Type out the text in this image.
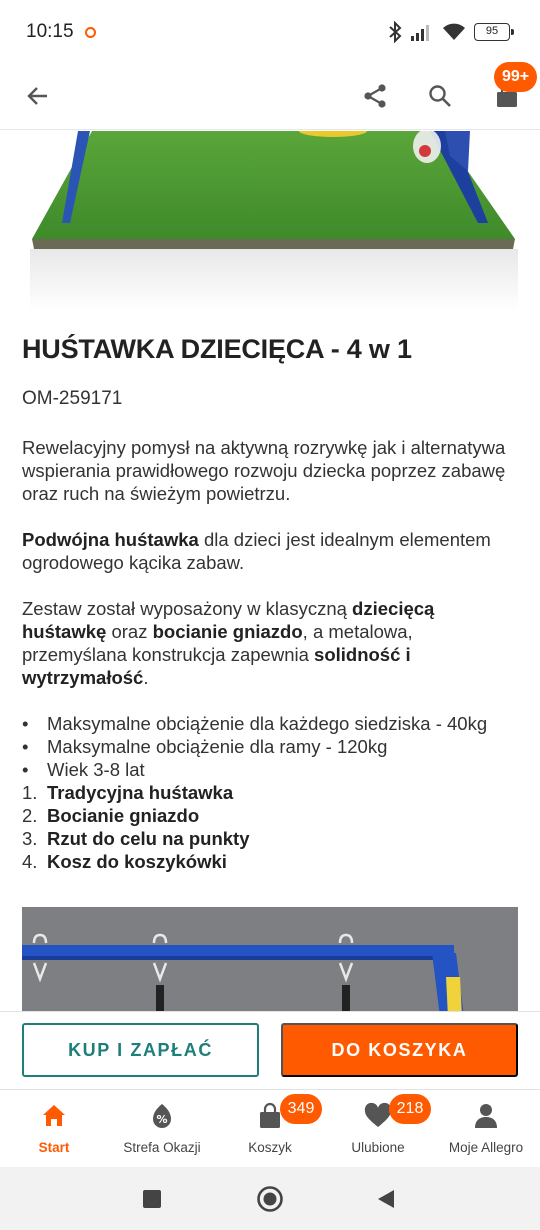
10:15	95
99+
HUŚTAWKA DZIECIĘCA - 4 w 1
OM-259171

Rewelacyjny pomysł na aktywną rozrywkę jak i alternatywa wspierania prawidłowego rozwoju dziecka poprzez zabawę oraz ruch na świeżym powietrzu.

Podwójna huśtawka dla dzieci jest idealnym elementem ogrodowego kącika zabaw.

Zestaw został wyposażony w klasyczną dziecięcą huśtawkę oraz bocianie gniazdo, a metalowa, przemyślana konstrukcja zapewnia solidność i wytrzymałość.

•	Maksymalne obciążenie dla każdego siedziska - 40kg
•	Maksymalne obciążenie dla ramy - 120kg
•	Wiek 3-8 lat
1. Tradycyjna huśtawka
2. Bocianie gniazdo
3. Rzut do celu na punkty
4. Kosz do koszykówki
KUP I ZAPŁAĆ	DO KOSZYKA
Start
%
Strefa Okazji	Koszyk	Ulubione	Moje Allegro
349	218
